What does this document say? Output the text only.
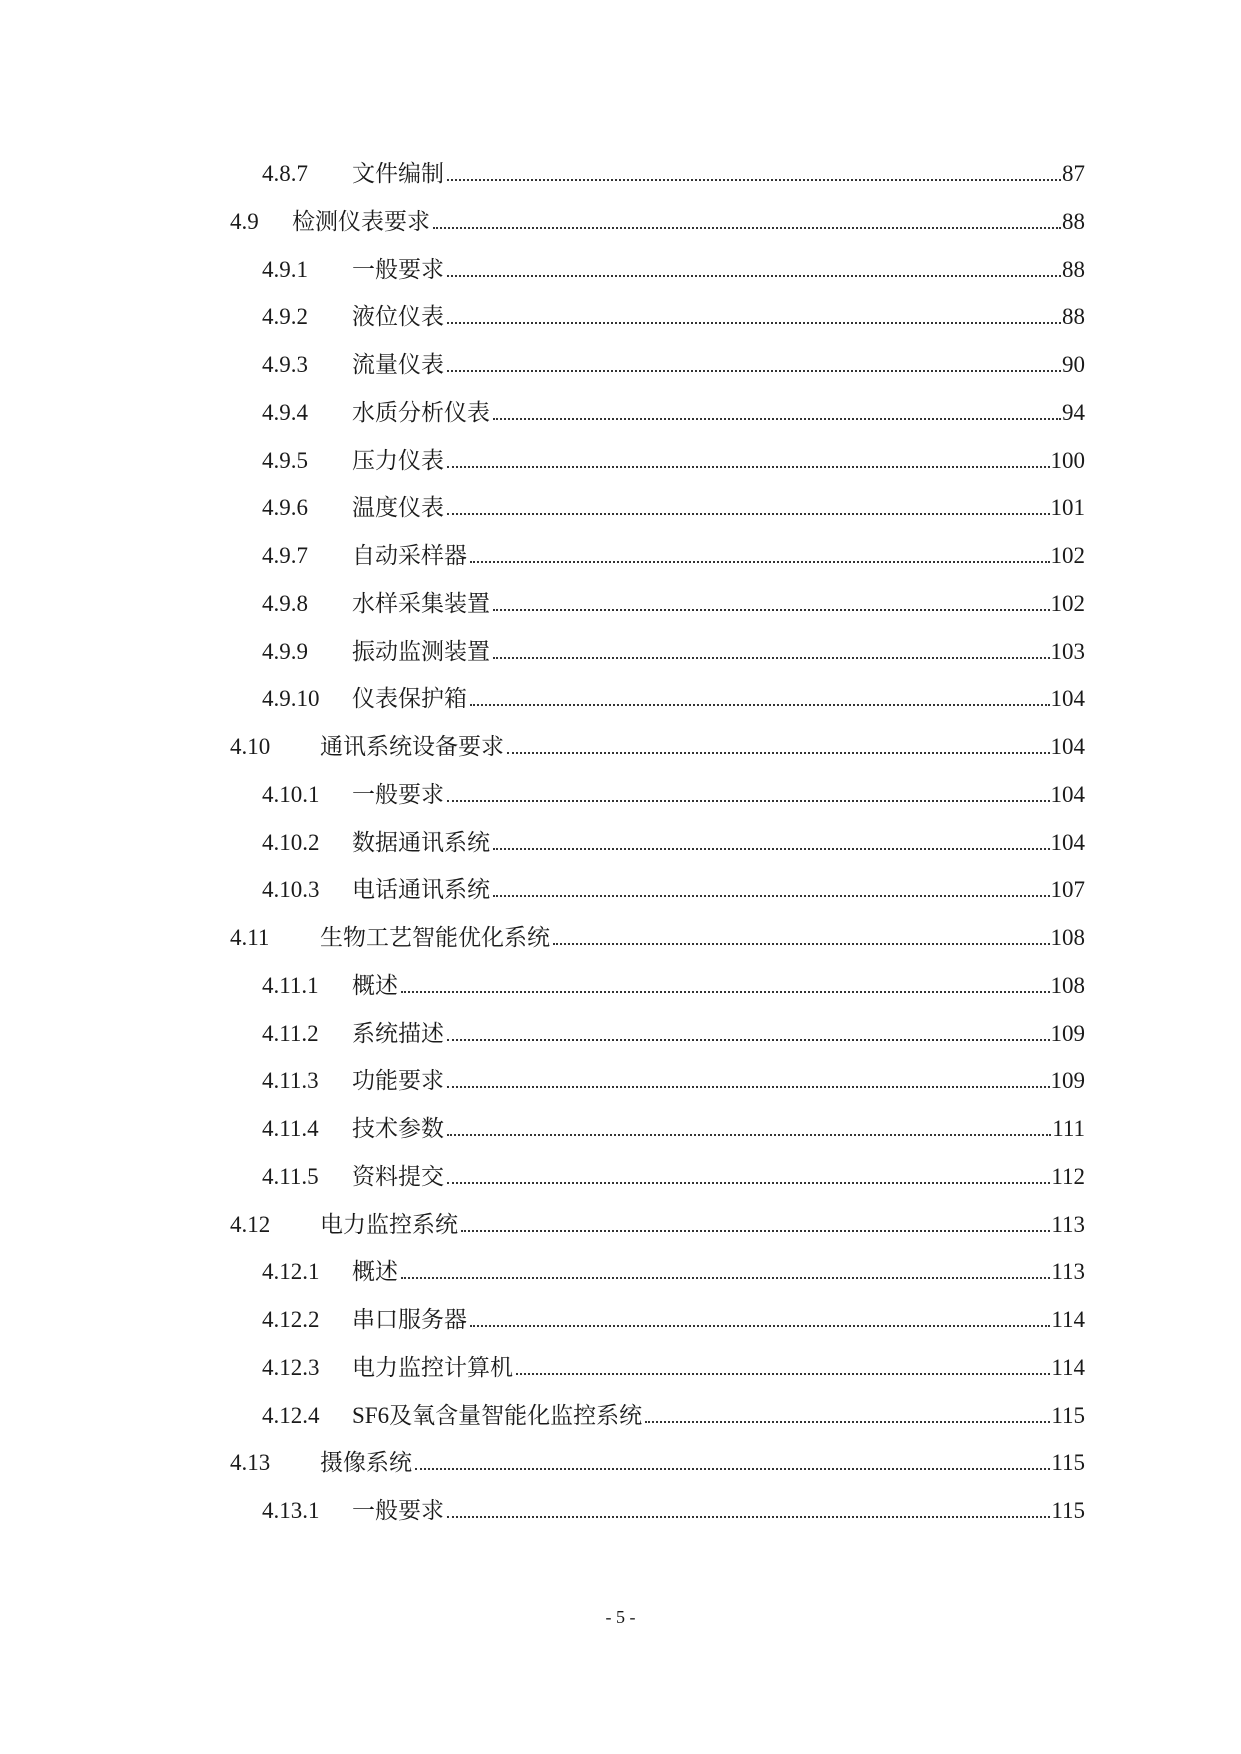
4.8.7	文件编制	87
4.9	检测仪表要求	88
4.9.1	一般要求	88
4.9.2	液位仪表	88
4.9.3	流量仪表	90
4.9.4	水质分析仪表	94
4.9.5	压力仪表	100
4.9.6	温度仪表	101
4.9.7	自动采样器	102
4.9.8	水样采集装置	102
4.9.9	振动监测装置	103
4.9.10	仪表保护箱	104
4.10	通讯系统设备要求	104
4.10.1	一般要求	104
4.10.2	数据通讯系统	104
4.10.3	电话通讯系统	107
4.11	生物工艺智能优化系统	108
4.11.1	概述	108
4.11.2	系统描述	109
4.11.3	功能要求	109
4.11.4	技术参数	111
4.11.5	资料提交	112
4.12	电力监控系统	113
4.12.1	概述	113
4.12.2	串口服务器	114
4.12.3	电力监控计算机	114
4.12.4	SF6及氧含量智能化监控系统	115
4.13	摄像系统	115
4.13.1	一般要求	115
- 5 -
